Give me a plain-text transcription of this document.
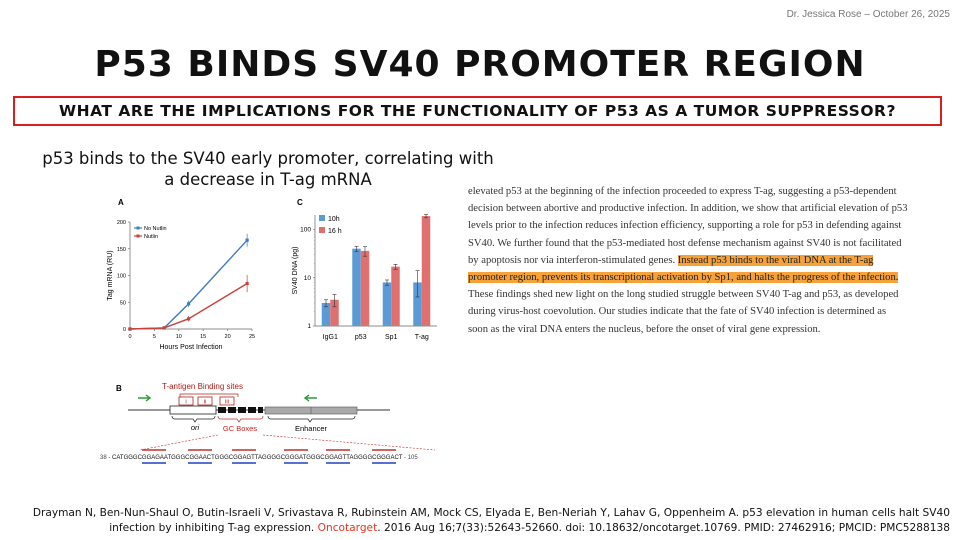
Dr. Jessica Rose – October 26, 2025
P53 BINDS SV40 PROMOTER REGION
WHAT ARE THE IMPLICATIONS FOR THE FUNCTIONALITY OF P53 AS A TUMOR SUPPRESSOR?
p53 binds to the SV40 early promoter, correlating with a decrease in T-ag mRNA
A
0
50
100
150
200
0	5	10	15	20	25
Hours Post Infection
Tag mRNA (RU)
No Nutlin
Nutlin
C
1
10
100
SV40 DNA (pg)
IgG1 p53	Sp1 T-ag
10h
16 h
B	T-antigen Binding sites
I	II	III
ori	GC Boxes	Enhancer
38 - CATGGGCGGAGAATGGGCGGAACTGGGCGGAGTTAGGGGCGGGATGGGCGGAGTTAGGGGCGGGACT - 105
elevated p53 at the beginning of the infection proceeded to express T-ag, suggesting a p53-dependent decision between abortive and productive infection. In addition, we show that artificial elevation of p53 levels prior to the infection reduces infection efficiency, supporting a role for p53 in defending against SV40. We further found that the p53-mediated host defense mechanism against SV40 is not facilitated by apoptosis nor via interferon-stimulated genes. Instead p53 binds to the viral DNA at the T-ag promoter region, prevents its transcriptional activation by Sp1, and halts the progress of the infection. These findings shed new light on the long studied struggle between SV40 T-ag and p53, as developed during virus-host coevolution. Our studies indicate that the fate of SV40 infection is determined as soon as the viral DNA enters the nucleus, before the onset of viral gene expression.
Drayman N, Ben-Nun-Shaul O, Butin-Israeli V, Srivastava R, Rubinstein AM, Mock CS, Elyada E, Ben-Neriah Y, Lahav G, Oppenheim A. p53 elevation in human cells halt SV40 infection by inhibiting T-ag expression. Oncotarget. 2016 Aug 16;7(33):52643-52660. doi: 10.18632/oncotarget.10769. PMID: 27462916; PMCID: PMC5288138
